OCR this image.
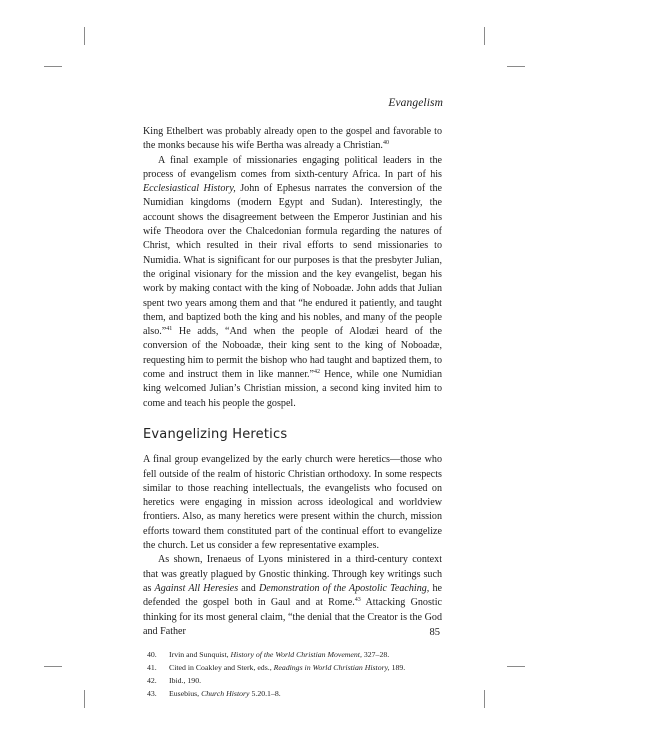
Evangelism

King Ethelbert was probably already open to the gospel and favorable to the monks because his wife Bertha was already a Christian.$^{40}$

A final example of missionaries engaging political leaders in the process of evangelism comes from sixth-century Africa. In part of his Ecclesiastical History, John of Ephesus narrates the conversion of the Numidian kingdoms (modern Egypt and Sudan). Interestingly, the account shows the disagreement between the Emperor Justinian and his wife Theodora over the Chalcedonian formula regarding the natures of Christ, which resulted in their rival efforts to send missionaries to Numidia. What is significant for our purposes is that the presbyter Julian, the original visionary for the mission and the key evangelist, began his work by making contact with the king of Noboadæ. John adds that Julian spent two years among them and that “he endured it patiently, and taught them, and baptized both the king and his nobles, and many of the people also.”$^{41}$ He adds, “And when the people of Alodæi heard of the conversion of the Noboadæ, their king sent to the king of Noboadæ, requesting him to permit the bishop who had taught and baptized them, to come and instruct them in like manner.”$^{42}$ Hence, while one Numidian king welcomed Julian’s Christian mission, a second king invited him to come and teach his people the gospel.

Evangelizing Heretics

A final group evangelized by the early church were heretics—those who fell outside of the realm of historic Christian orthodoxy. In some respects similar to those reaching intellectuals, the evangelists who focused on heretics were engaging in mission across ideological and worldview frontiers. Also, as many heretics were present within the church, mission efforts toward them constituted part of the continual effort to evangelize the church. Let us consider a few representative examples.

As shown, Irenaeus of Lyons ministered in a third-century context that was greatly plagued by Gnostic thinking. Through key writings such as Against All Heresies and Demonstration of the Apostolic Teaching, he defended the gospel both in Gaul and at Rome.$^{43}$ Attacking Gnostic thinking for its most general claim, “the denial that the Creator is the God and Father

40.	Irvin and Sunquist, History of the World Christian Movement, 327–28.
41.	Cited in Coakley and Sterk, eds., Readings in World Christian History, 189.
42.	Ibid., 190.
43.	Eusebius, Church History 5.20.1–8.
85
